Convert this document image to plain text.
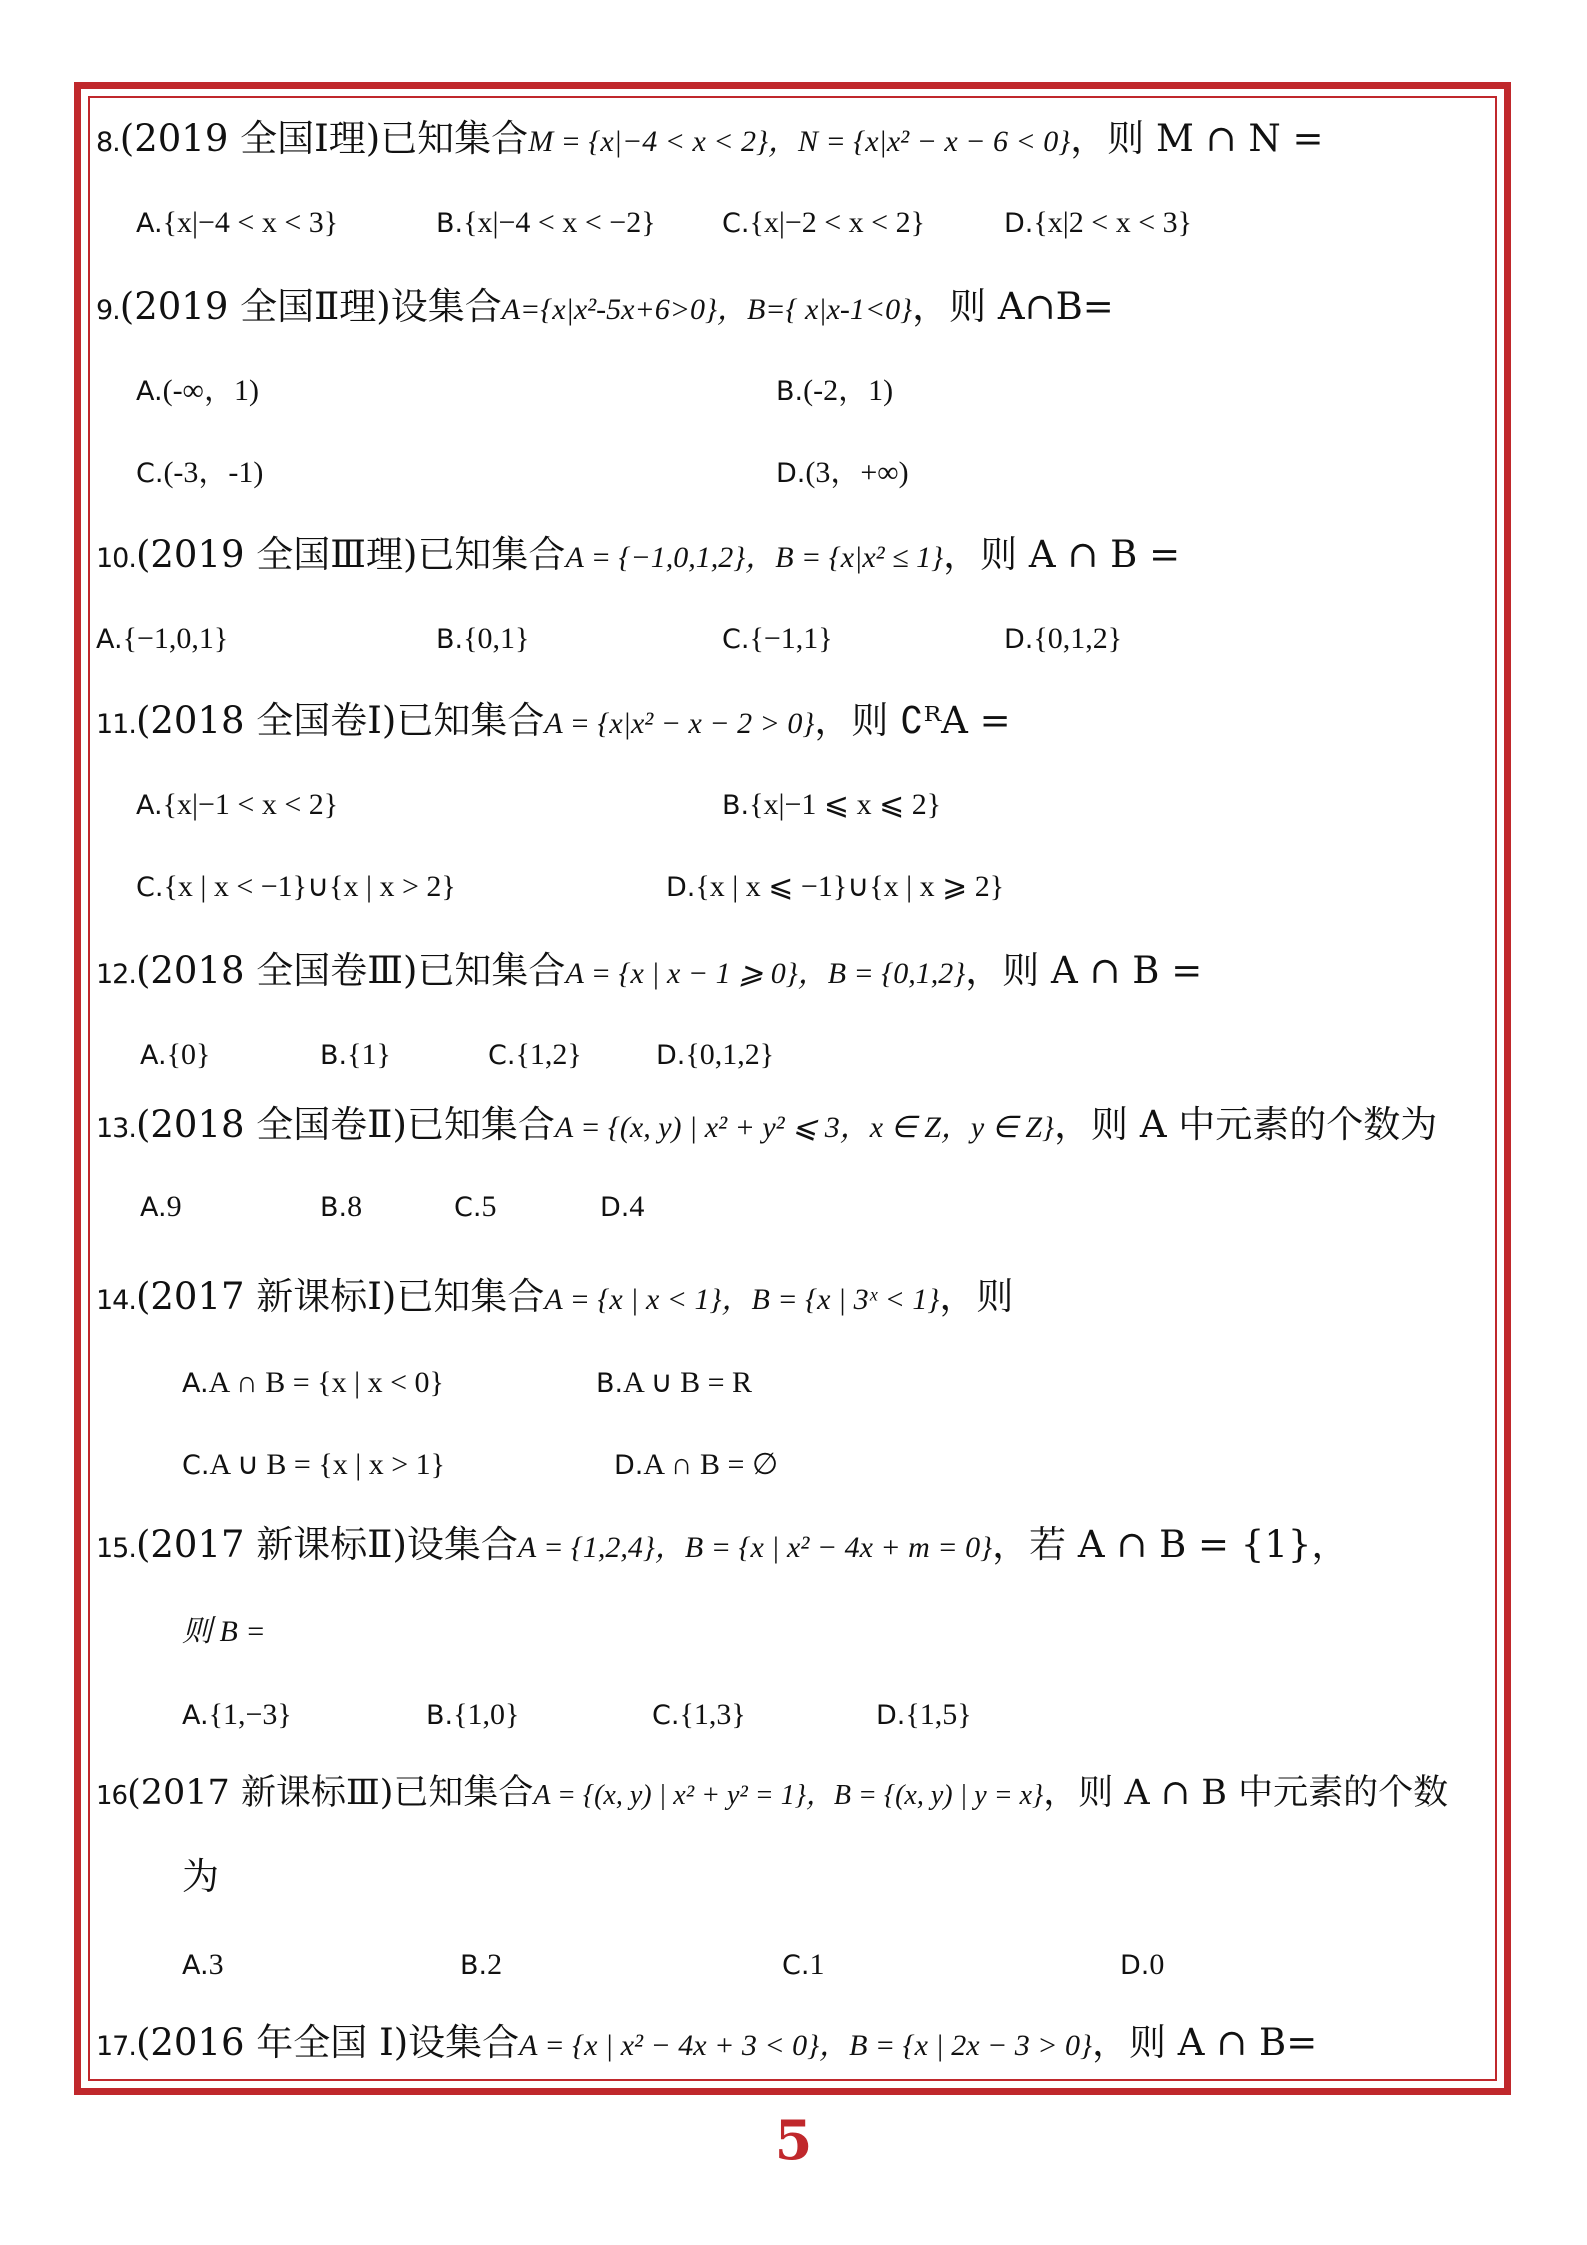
8.(2019 全国Ⅰ理)已知集合M = {x|−4 < x < 2}，N = {x|x² − x − 6 < 0}，则 M ∩ N =
A.{x|−4 < x < 3}	B.{x|−4 < x < −2} C.{x|−2 < x < 2}	D.{x|2 < x < 3}
9.(2019 全国Ⅱ理)设集合A={x|x²-5x+6>0}，B={ x|x-1<0}，则 A∩B=
A.(-∞，1)	B.(-2，1)
C.(-3，-1)	D.(3，+∞)
10.(2019 全国Ⅲ理)已知集合A = {−1,0,1,2}，B = {x|x² ≤ 1}，则 A ∩ B =
A.{−1,0,1}	B.{0,1}	C.{−1,1}	D.{0,1,2}
11.(2018 全国卷Ⅰ)已知集合A = {x|x² − x − 2 > 0}，则 ∁ᴿA =
A.{x|−1 < x < 2}	B.{x|−1 ⩽ x ⩽ 2}
C.{x | x < −1}∪{x | x > 2}	D.{x | x ⩽ −1}∪{x | x ⩾ 2}
12.(2018 全国卷Ⅲ)已知集合A = {x | x − 1 ⩾ 0}，B = {0,1,2}，则 A ∩ B =
A.{0}	B.{1}	C.{1,2}	D.{0,1,2}
13.(2018 全国卷Ⅱ)已知集合A = {(x, y) | x² + y² ⩽ 3，x ∈ Z，y ∈ Z}，则 A 中元素的个数为
A.9	B.8	C.5	D.4
14.(2017 新课标Ⅰ)已知集合A = {x | x < 1}，B = {x | 3ˣ < 1}，则
A.A ∩ B = {x | x < 0}	B.A ∪ B = R
C.A ∪ B = {x | x > 1}	D.A ∩ B = ∅
15.(2017 新课标Ⅱ)设集合A = {1,2,4}，B = {x | x² − 4x + m = 0}，若 A ∩ B = {1}，
则 B =
A.{1,−3}	B.{1,0}	C.{1,3}	D.{1,5}
16(2017 新课标Ⅲ)已知集合A = {(x, y) | x² + y² = 1}，B = {(x, y) | y = x}，则 A ∩ B 中元素的个数
为
A.3	B.2	C.1	D.0
17.(2016 年全国 Ⅰ)设集合A = {x | x² − 4x + 3 < 0}，B = {x | 2x − 3 > 0}，则 A ∩ B=
5
